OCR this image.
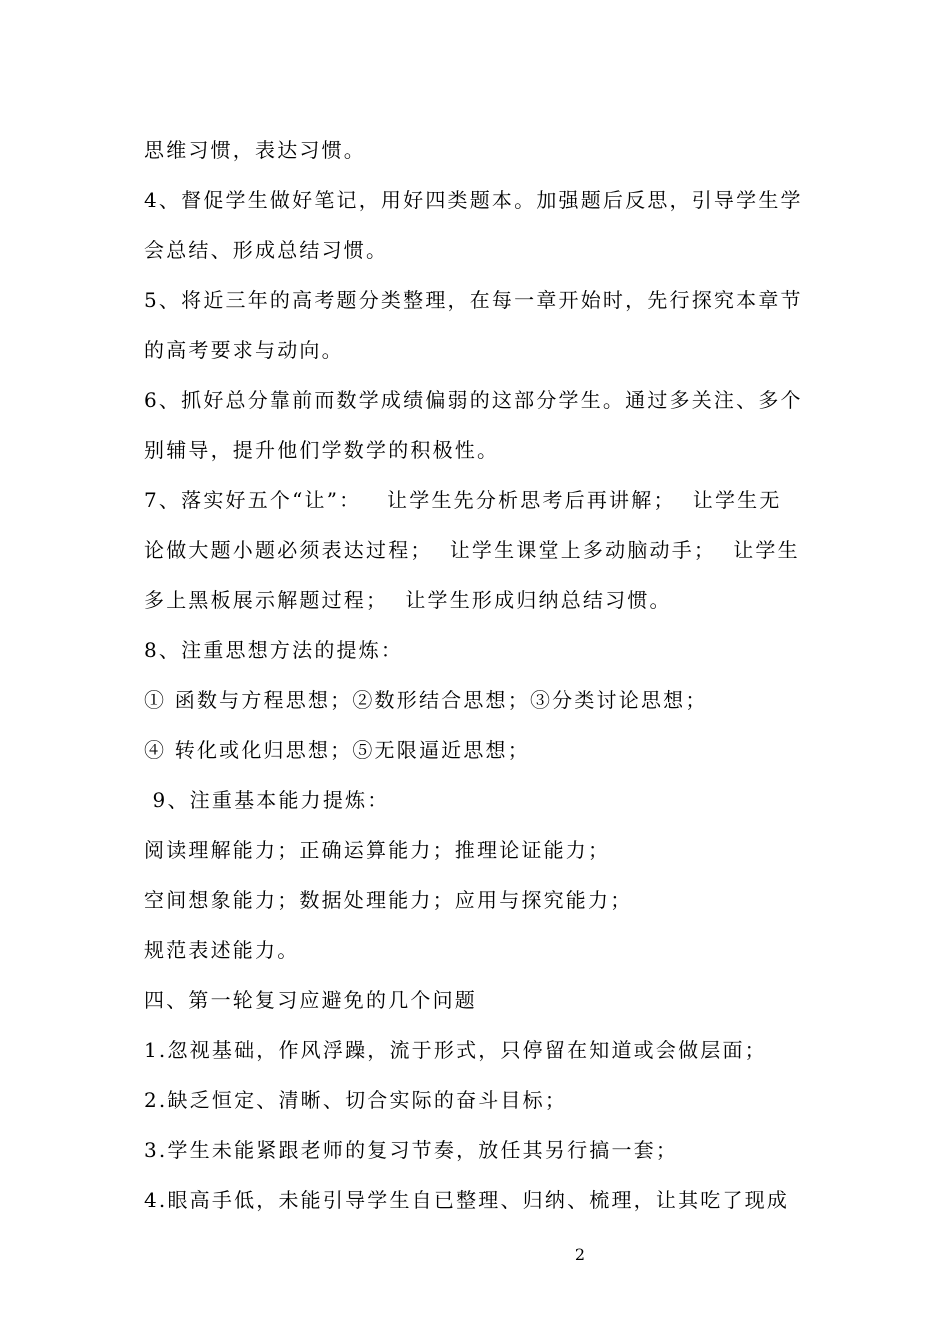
思维习惯，表达习惯。
4、督促学生做好笔记，用好四类题本。加强题后反思，引导学生学
会总结、形成总结习惯。
5、将近三年的高考题分类整理，在每一章开始时，先行探究本章节
的高考要求与动向。
6、抓好总分靠前而数学成绩偏弱的这部分学生。通过多关注、多个
别辅导，提升他们学数学的积极性。
7、落实好五个“让”：   让学生先分析思考后再讲解；  让学生无
论做大题小题必须表达过程；  让学生课堂上多动脑动手；  让学生
多上黑板展示解题过程；  让学生形成归纳总结习惯。
8、注重思想方法的提炼：
① 函数与方程思想；②数形结合思想；③分类讨论思想；
④ 转化或化归思想；⑤无限逼近思想；
9、注重基本能力提炼：
阅读理解能力；正确运算能力；推理论证能力；
空间想象能力；数据处理能力；应用与探究能力；
规范表述能力。
四、第一轮复习应避免的几个问题
1.忽视基础，作风浮躁，流于形式，只停留在知道或会做层面；
2.缺乏恒定、清晰、切合实际的奋斗目标；
3.学生未能紧跟老师的复习节奏，放任其另行搞一套；
4.眼高手低，未能引导学生自已整理、归纳、梳理，让其吃了现成
2
